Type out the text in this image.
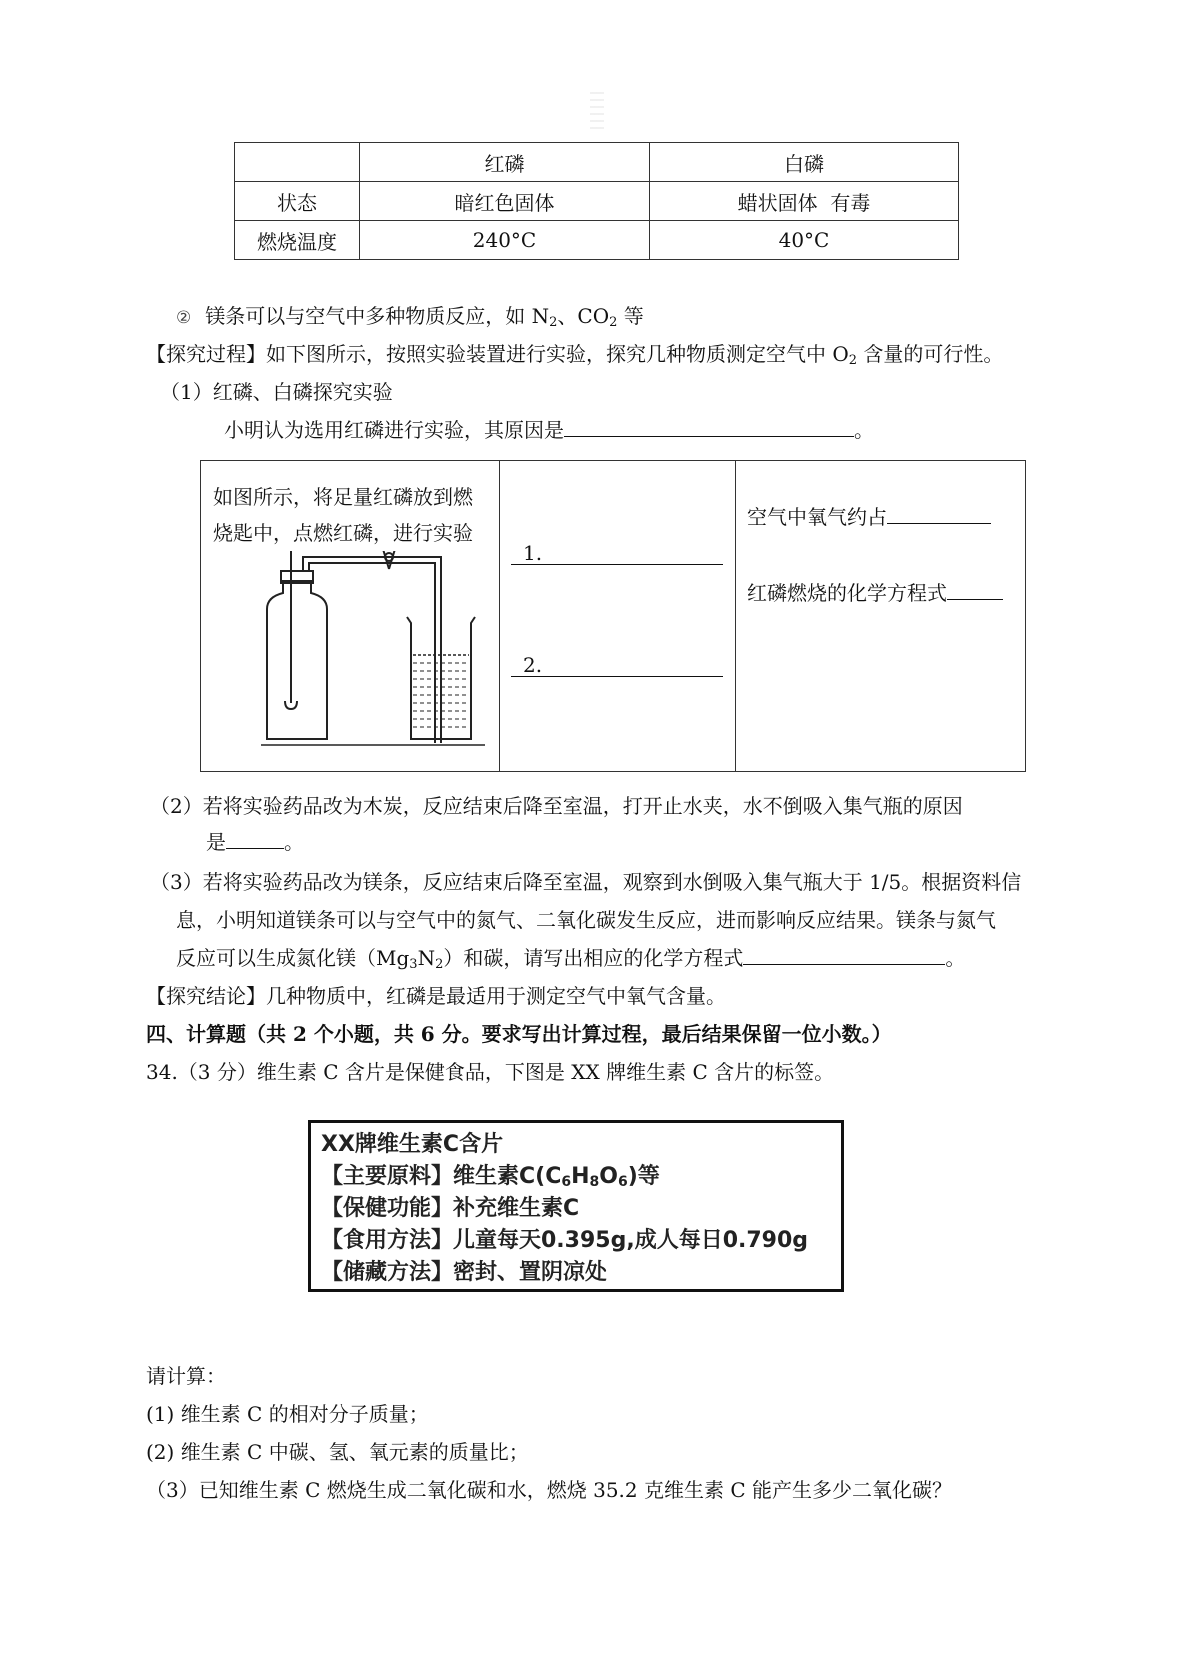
	红磷	白磷
状态	暗红色固体	蜡状固体  有毒
燃烧温度	240°C	40°C
② 镁条可以与空气中多种物质反应，如 $N_2$、$CO_2$ 等
【探究过程】如下图所示，按照实验装置进行实验，探究几种物质测定空气中 $O_2$ 含量的可行性。
（1）红磷、白磷探究实验
小明认为选用红磷进行实验，其原因是	。
如图所示，将足量红磷放到燃
烧匙中，点燃红磷，进行实验
1.
2.
空气中氧气约占
红磷燃烧的化学方程式
（2）若将实验药品改为木炭，反应结束后降至室温，打开止水夹，水不倒吸入集气瓶的原因
是	。
（3）若将实验药品改为镁条，反应结束后降至室温，观察到水倒吸入集气瓶大于 1/5。根据资料信
息，小明知道镁条可以与空气中的氮气、二氧化碳发生反应，进而影响反应结果。镁条与氮气
反应可以生成氮化镁$(Mg_3N_2)$和碳，请写出相应的化学方程式	。
【探究结论】几种物质中，红磷是最适用于测定空气中氧气含量。
四、计算题（共 2 个小题，共 6 分。要求写出计算过程，最后结果保留一位小数。）
34.（3 分）维生素 C 含片是保健食品，下图是 XX 牌维生素 C 含片的标签。
XX牌维生素C含片
【主要原料】维生素$C(C_6H_8O_6)$等
【保健功能】补充维生素C
【食用方法】儿童每天0.395g,成人每日0.790g
【储藏方法】密封、置阴凉处
请计算：
(1) 维生素 C 的相对分子质量；
(2) 维生素 C 中碳、氢、氧元素的质量比；
（3）已知维生素 C 燃烧生成二氧化碳和水，燃烧 35.2 克维生素 C 能产生多少二氧化碳？
